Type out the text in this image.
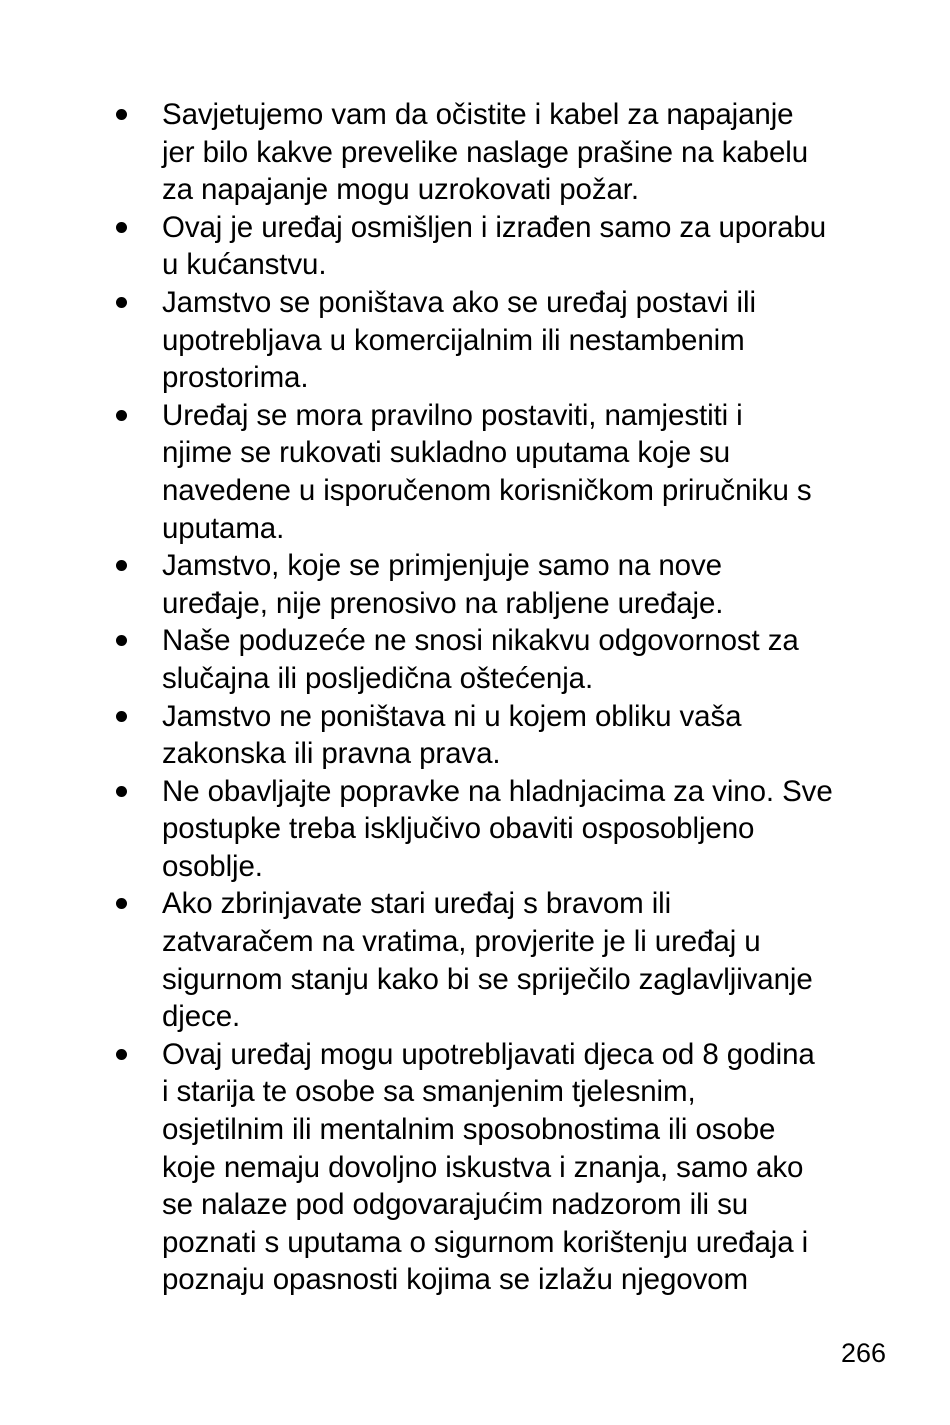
Savjetujemo vam da očistite i kabel za napajanje
jer bilo kakve prevelike naslage prašine na kabelu
za napajanje mogu uzrokovati požar.
Ovaj je uređaj osmišljen i izrađen samo za uporabu
u kućanstvu.
Jamstvo se poništava ako se uređaj postavi ili
upotrebljava u komercijalnim ili nestambenim
prostorima.
Uređaj se mora pravilno postaviti, namjestiti i
njime se rukovati sukladno uputama koje su
navedene u isporučenom korisničkom priručniku s
uputama.
Jamstvo, koje se primjenjuje samo na nove
uređaje, nije prenosivo na rabljene uređaje.
Naše poduzeće ne snosi nikakvu odgovornost za
slučajna ili posljedična oštećenja.
Jamstvo ne poništava ni u kojem obliku vaša
zakonska ili pravna prava.
Ne obavljajte popravke na hladnjacima za vino. Sve
postupke treba isključivo obaviti osposobljeno
osoblje.
Ako zbrinjavate stari uređaj s bravom ili
zatvaračem na vratima, provjerite je li uređaj u
sigurnom stanju kako bi se spriječilo zaglavljivanje
djece.
Ovaj uređaj mogu upotrebljavati djeca od 8 godina
i starija te osobe sa smanjenim tjelesnim,
osjetilnim ili mentalnim sposobnostima ili osobe
koje nemaju dovoljno iskustva i znanja, samo ako
se nalaze pod odgovarajućim nadzorom ili su
poznati s uputama o sigurnom korištenju uređaja i
poznaju opasnosti kojima se izlažu njegovom
266
